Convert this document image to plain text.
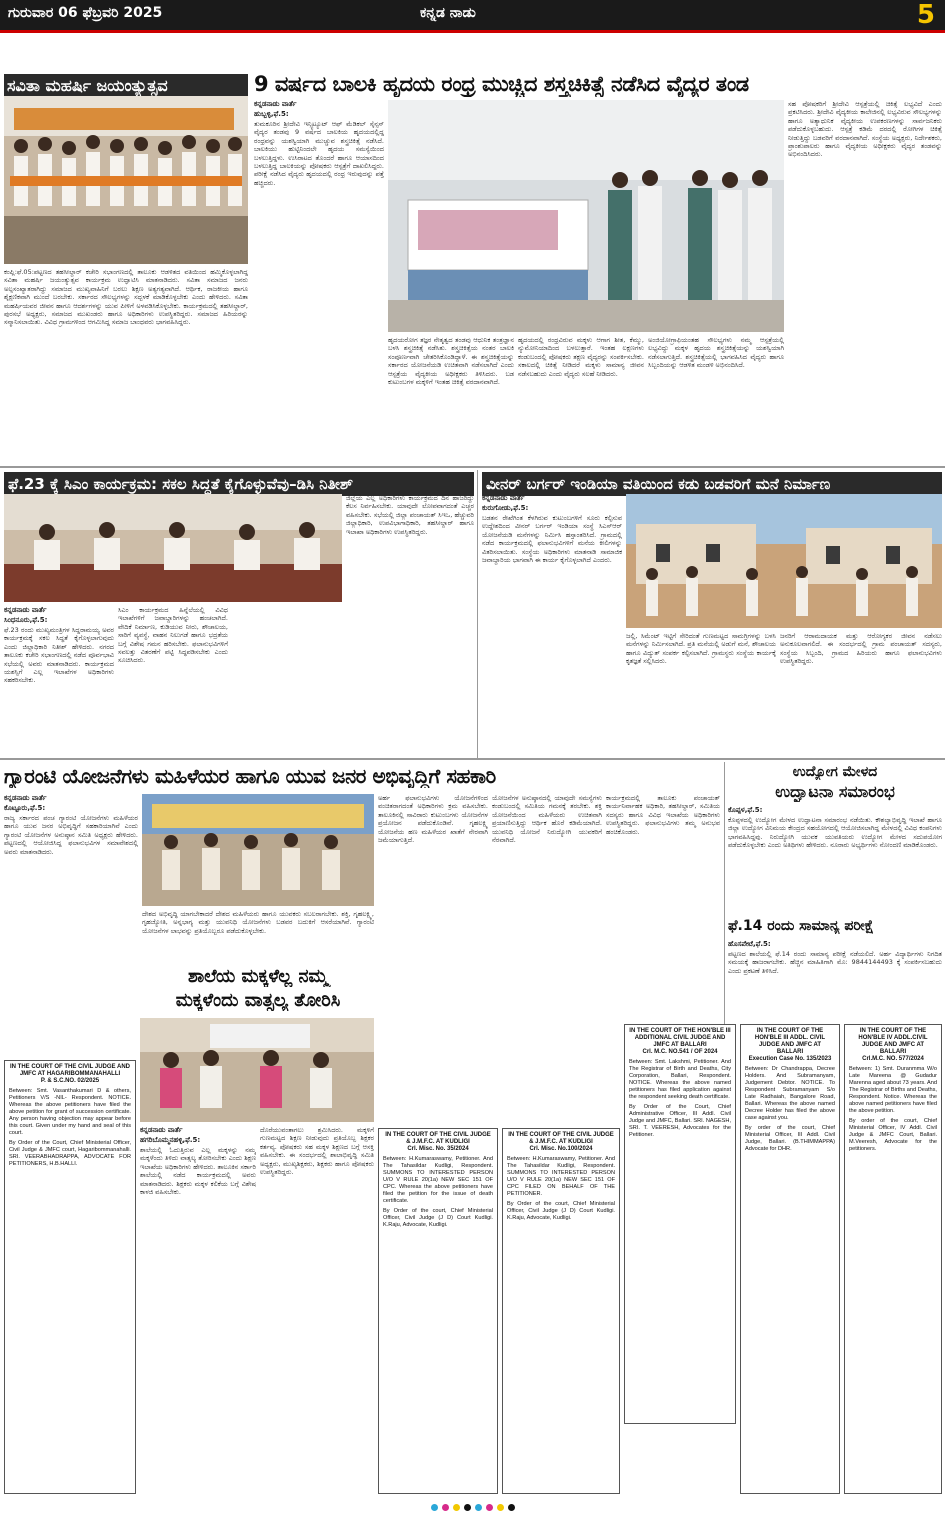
ಗುರುವಾರ 06 ಫೆಬ್ರವರಿ 2025	ಕನ್ನಡ ನಾಡು	5
ಸವಿತಾ ಮಹರ್ಷಿ ಜಯಂತ್ಯುತ್ಸವ
ಕಂಪ್ಲಿ:ಫೆ.05:ಪಟ್ಟಣದ ತಹಸೀಲ್ದಾರ್ ಕಚೇರಿ ಸಭಾಂಗಣದಲ್ಲಿ ತಾಲೂಕು ಆಡಳಿತದ ವತಿಯಿಂದ ಹಮ್ಮಿಕೊಳ್ಳಲಾಗಿದ್ದ ಸವಿತಾ ಮಹರ್ಷಿ ಜಯಂತ್ಯುತ್ಸವ ಕಾರ್ಯಕ್ರಮ ಉದ್ಘಾಟಿಸಿ ಮಾತನಾಡಿದರು. ಸವಿತಾ ಸಮಾಜದ ಜನರು ಅಲ್ಪಸಂಖ್ಯಾತರಾಗಿದ್ದು ಸಮಾಜದ ಮುಖ್ಯವಾಹಿನಿಗೆ ಬರಲು ಶಿಕ್ಷಣ ಅತ್ಯಗತ್ಯವಾಗಿದೆ. ಆರ್ಥಿಕ, ರಾಜಕೀಯ ಹಾಗೂ ಶೈಕ್ಷಣಿಕವಾಗಿ ಮುಂದೆ ಬರಬೇಕು. ಸರ್ಕಾರದ ಸೌಲಭ್ಯಗಳನ್ನು ಸದ್ಬಳಕೆ ಮಾಡಿಕೊಳ್ಳಬೇಕು ಎಂದು ಹೇಳಿದರು. ಸವಿತಾ ಮಹರ್ಷಿಯವರ ಜೀವನ ಹಾಗೂ ಆದರ್ಶಗಳನ್ನು ಯುವ ಪೀಳಿಗೆ ಅಳವಡಿಸಿಕೊಳ್ಳಬೇಕು. ಕಾರ್ಯಕ್ರಮದಲ್ಲಿ ತಹಸೀಲ್ದಾರ್, ಪುರಸಭೆ ಅಧ್ಯಕ್ಷರು, ಸಮಾಜದ ಮುಖಂಡರು ಹಾಗೂ ಅಧಿಕಾರಿಗಳು ಉಪಸ್ಥಿತರಿದ್ದರು. ಸಮಾಜದ ಹಿರಿಯರನ್ನು ಸನ್ಮಾನಿಸಲಾಯಿತು. ವಿವಿಧ ಗ್ರಾಮಗಳಿಂದ ಆಗಮಿಸಿದ್ದ ಸಮಾಜ ಬಾಂಧವರು ಭಾಗವಹಿಸಿದ್ದರು.
9 ವರ್ಷದ ಬಾಲಕಿ ಹೃದಯ ರಂಧ್ರ ಮುಚ್ಚಿದ ಶಸ್ತ್ರಚಿಕಿತ್ಸೆ ನಡೆಸಿದ ವೈದ್ಯರ ತಂಡ
ಕನ್ನಡನಾಡು ವಾರ್ತೆ
ಹುಬ್ಬಳ್ಳಿ,ಫೆ.5:
ತುಮಕೂರಿನ ಶ್ರೀದೇವಿ ಇನ್ಸ್ಟಿಟ್ಯೂಟ್ ಆಫ್ ಮೆಡಿಕಲ್ ಸೈನ್ಸಸ್ ವೈದ್ಯರ ತಂಡವು 9 ವರ್ಷದ ಬಾಲಕಿಯ ಹೃದಯದಲ್ಲಿದ್ದ ರಂಧ್ರವನ್ನು ಯಶಸ್ವಿಯಾಗಿ ಮುಚ್ಚುವ ಶಸ್ತ್ರಚಿಕಿತ್ಸೆ ನಡೆಸಿದೆ. ಬಾಲಕಿಯು ಹುಟ್ಟಿನಿಂದಲೇ ಹೃದಯ ಸಮಸ್ಯೆಯಿಂದ ಬಳಲುತ್ತಿದ್ದಳು. ಉಸಿರಾಟದ ತೊಂದರೆ ಹಾಗೂ ಆಯಾಸದಿಂದ ಬಳಲುತ್ತಿದ್ದ ಬಾಲಕಿಯನ್ನು ಪೋಷಕರು ಆಸ್ಪತ್ರೆಗೆ ದಾಖಲಿಸಿದ್ದರು. ಪರೀಕ್ಷೆ ನಡೆಸಿದ ವೈದ್ಯರು ಹೃದಯದಲ್ಲಿ ರಂಧ್ರ ಇರುವುದನ್ನು ಪತ್ತೆ ಹಚ್ಚಿದರು.
ಹೃದಯರೋಗ ತಜ್ಞರ ನೇತೃತ್ವದ ತಂಡವು ಆಧುನಿಕ ತಂತ್ರಜ್ಞಾನ ಬಳಸಿ ಶಸ್ತ್ರಚಿಕಿತ್ಸೆ ನಡೆಸಿತು. ಶಸ್ತ್ರಚಿಕಿತ್ಸೆಯ ನಂತರ ಬಾಲಕಿ ಸಂಪೂರ್ಣವಾಗಿ ಚೇತರಿಸಿಕೊಂಡಿದ್ದಾಳೆ. ಈ ಶಸ್ತ್ರಚಿಕಿತ್ಸೆಯನ್ನು ಸರ್ಕಾರದ ಯೋಜನೆಯಡಿ ಉಚಿತವಾಗಿ ನಡೆಸಲಾಗಿದೆ ಎಂದು ಆಸ್ಪತ್ರೆಯ ವೈದ್ಯಕೀಯ ಅಧೀಕ್ಷಕರು ತಿಳಿಸಿದರು. ಬಡ ಕುಟುಂಬಗಳ ಮಕ್ಕಳಿಗೆ ಇಂತಹ ಚಿಕಿತ್ಸೆ ವರದಾನವಾಗಿದೆ.
ಹೃದಯದಲ್ಲಿ ರಂಧ್ರವಿರುವ ಮಕ್ಕಳು ಆಗಾಗ ಶೀತ, ಕೆಮ್ಮು, ನ್ಯುಮೋನಿಯಾದಿಂದ ಬಳಲುತ್ತಾರೆ. ಇಂತಹ ಲಕ್ಷಣಗಳು ಕಂಡುಬಂದಲ್ಲಿ ಪೋಷಕರು ತಕ್ಷಣ ವೈದ್ಯರನ್ನು ಸಂಪರ್ಕಿಸಬೇಕು. ಸಕಾಲದಲ್ಲಿ ಚಿಕಿತ್ಸೆ ನೀಡಿದರೆ ಮಕ್ಕಳು ಸಾಮಾನ್ಯ ಜೀವನ ನಡೆಸಬಹುದು ಎಂದು ವೈದ್ಯರು ಸಲಹೆ ನೀಡಿದರು.
ಅಂಜಿಯೋಗ್ರಾಫಿಯಂತಹ ಸೌಲಭ್ಯಗಳು ನಮ್ಮ ಆಸ್ಪತ್ರೆಯಲ್ಲಿ ಲಭ್ಯವಿದ್ದು ಮಕ್ಕಳ ಹೃದಯ ಶಸ್ತ್ರಚಿಕಿತ್ಸೆಯನ್ನು ಯಶಸ್ವಿಯಾಗಿ ನಡೆಸಲಾಗುತ್ತಿದೆ. ಶಸ್ತ್ರಚಿಕಿತ್ಸೆಯಲ್ಲಿ ಭಾಗವಹಿಸಿದ ವೈದ್ಯರು ಹಾಗೂ ಸಿಬ್ಬಂದಿಯನ್ನು ಆಡಳಿತ ಮಂಡಳಿ ಅಭಿನಂದಿಸಿದೆ.
ಸಹ ಪೋಷಕರಿಗೆ ಶ್ರೀದೇವಿ ಆಸ್ಪತ್ರೆಯಲ್ಲಿ ಚಿಕಿತ್ಸೆ ಲಭ್ಯವಿದೆ ಎಂದು ಪ್ರಕಟಿಸಿದರು. ಶ್ರೀದೇವಿ ವೈದ್ಯಕೀಯ ಕಾಲೇಜಿನಲ್ಲಿ ಲಭ್ಯವಿರುವ ಸೌಲಭ್ಯಗಳನ್ನು ಹಾಗೂ ಅತ್ಯಾಧುನಿಕ ವೈದ್ಯಕೀಯ ಉಪಕರಣಗಳನ್ನು ಸಾರ್ವಜನಿಕರು ಪಡೆದುಕೊಳ್ಳಬಹುದು. ಆಸ್ಪತ್ರೆ ಕಡಿಮೆ ದರದಲ್ಲಿ ರೋಗಿಗಳ ಚಿಕಿತ್ಸೆ ನೀಡುತ್ತಿದ್ದು ಬಡವರಿಗೆ ವರದಾನವಾಗಿದೆ. ಸಂಸ್ಥೆಯ ಅಧ್ಯಕ್ಷರು, ನಿರ್ದೇಶಕರು, ಪ್ರಾಂಶುಪಾಲರು ಹಾಗೂ ವೈದ್ಯಕೀಯ ಅಧೀಕ್ಷಕರು ವೈದ್ಯರ ತಂಡವನ್ನು ಅಭಿನಂದಿಸಿದರು.
ಫೆ.23 ಕ್ಕೆ ಸಿಎಂ ಕಾರ್ಯಕ್ರಮ: ಸಕಲ ಸಿದ್ದತೆ ಕೈಗೊಳ್ಳುವೆವು–ಡಿಸಿ ನಿತೀಶ್
ಕನ್ನಡನಾಡು ವಾರ್ತೆ
ಸಿಂಧನೂರು,ಫೆ.5:
ಫೆ.23 ರಂದು ಮುಖ್ಯಮಂತ್ರಿಗಳ ಸಿದ್ದರಾಮಯ್ಯ ಅವರ ಕಾರ್ಯಕ್ರಮಕ್ಕೆ ಸಕಲ ಸಿದ್ಧತೆ ಕೈಗೊಳ್ಳಲಾಗುವುದು ಎಂದು ಜಿಲ್ಲಾಧಿಕಾರಿ ನಿತೀಶ್ ಹೇಳಿದರು. ನಗರದ ತಾಲೂಕು ಕಚೇರಿ ಸಭಾಂಗಣದಲ್ಲಿ ನಡೆದ ಪೂರ್ವಭಾವಿ ಸಭೆಯಲ್ಲಿ ಅವರು ಮಾತನಾಡಿದರು. ಕಾರ್ಯಕ್ರಮದ ಯಶಸ್ಸಿಗೆ ಎಲ್ಲ ಇಲಾಖೆಗಳ ಅಧಿಕಾರಿಗಳು ಸಹಕರಿಸಬೇಕು.
ಸಿಎಂ ಕಾರ್ಯಕ್ರಮದ ಹಿನ್ನೆಲೆಯಲ್ಲಿ ವಿವಿಧ ಇಲಾಖೆಗಳಿಗೆ ಜವಾಬ್ದಾರಿಗಳನ್ನು ಹಂಚಲಾಗಿದೆ. ವೇದಿಕೆ ನಿರ್ಮಾಣ, ಕುಡಿಯುವ ನೀರು, ಶೌಚಾಲಯ, ಸಾರಿಗೆ ವ್ಯವಸ್ಥೆ, ವಾಹನ ನಿಲುಗಡೆ ಹಾಗೂ ಭದ್ರತೆಯ ಬಗ್ಗೆ ವಿಶೇಷ ಗಮನ ಹರಿಸಬೇಕು. ಫಲಾನುಭವಿಗಳಿಗೆ ಸವಲತ್ತು ವಿತರಣೆಗೆ ಪಟ್ಟಿ ಸಿದ್ಧಪಡಿಸಬೇಕು ಎಂದು ಸೂಚಿಸಿದರು.
ಜಿಲ್ಲೆಯ ಎಲ್ಲ ಅಧಿಕಾರಿಗಳು ಕಾರ್ಯಕ್ರಮದ ದಿನ ಹಾಜರಿದ್ದು ಕೆಲಸ ನಿರ್ವಹಿಸಬೇಕು. ಯಾವುದೇ ಲೋಪವಾಗದಂತೆ ಎಚ್ಚರ ವಹಿಸಬೇಕು. ಸಭೆಯಲ್ಲಿ ಜಿಲ್ಲಾ ಪಂಚಾಯತ್ ಸಿಇಒ, ಹೆಚ್ಚುವರಿ ಜಿಲ್ಲಾಧಿಕಾರಿ, ಉಪವಿಭಾಗಾಧಿಕಾರಿ, ತಹಸೀಲ್ದಾರ್ ಹಾಗೂ ಇಲಾಖಾ ಅಧಿಕಾರಿಗಳು ಉಪಸ್ಥಿತರಿದ್ದರು.
ವೀನರ್ ಬರ್ಗರ್ ಇಂಡಿಯಾ ವತಿಯಿಂದ ಕಡು ಬಡವರಿಗೆ ಮನೆ ನಿರ್ಮಾಣ
ಕನ್ನಡನಾಡು ವಾರ್ತೆ
ಕುರುಗೋಡು,ಫೆ.5:
ಬಡತನ ರೇಖೆಗಿಂತ ಕೆಳಗಿರುವ ಕುಟುಂಬಗಳಿಗೆ ಸೂರು ಕಲ್ಪಿಸುವ ಉದ್ದೇಶದಿಂದ ವೀನರ್ ಬರ್ಗರ್ ಇಂಡಿಯಾ ಸಂಸ್ಥೆ ಸಿಎಸ್ಆರ್ ಯೋಜನೆಯಡಿ ಮನೆಗಳನ್ನು ನಿರ್ಮಿಸಿ ಹಸ್ತಾಂತರಿಸಿದೆ. ಗ್ರಾಮದಲ್ಲಿ ನಡೆದ ಕಾರ್ಯಕ್ರಮದಲ್ಲಿ ಫಲಾನುಭವಿಗಳಿಗೆ ಮನೆಯ ಕೀಲಿಗಳನ್ನು ವಿತರಿಸಲಾಯಿತು. ಸಂಸ್ಥೆಯ ಅಧಿಕಾರಿಗಳು ಮಾತನಾಡಿ ಸಾಮಾಜಿಕ ಜವಾಬ್ದಾರಿಯ ಭಾಗವಾಗಿ ಈ ಕಾರ್ಯ ಕೈಗೊಳ್ಳಲಾಗಿದೆ ಎಂದರು.
ಜಲ್ಲಿ, ಸಿಮೆಂಟ್ ಇಟ್ಟಿಗೆ ಸೇರಿದಂತೆ ಗುಣಮಟ್ಟದ ಸಾಮಗ್ರಿಗಳನ್ನು ಬಳಸಿ ಮನೆಗಳನ್ನು ನಿರ್ಮಿಸಲಾಗಿದೆ. ಪ್ರತಿ ಮನೆಯಲ್ಲಿ ಅಡುಗೆ ಮನೆ, ಶೌಚಾಲಯ ಹಾಗೂ ವಿದ್ಯುತ್ ಸಂಪರ್ಕ ಕಲ್ಪಿಸಲಾಗಿದೆ. ಗ್ರಾಮಸ್ಥರು ಸಂಸ್ಥೆಯ ಕಾರ್ಯಕ್ಕೆ ಕೃತಜ್ಞತೆ ಸಲ್ಲಿಸಿದರು.
ಜನರಿಗೆ ಆರಾಮದಾಯಕ ಮತ್ತು ಆರೋಗ್ಯಕರ ಜೀವನ ನಡೆಸಲು ಅನುಕೂಲವಾಗಲಿದೆ. ಈ ಸಂದರ್ಭದಲ್ಲಿ ಗ್ರಾಮ ಪಂಚಾಯತ್ ಸದಸ್ಯರು, ಸಂಸ್ಥೆಯ ಸಿಬ್ಬಂದಿ, ಗ್ರಾಮದ ಹಿರಿಯರು ಹಾಗೂ ಫಲಾನುಭವಿಗಳು ಉಪಸ್ಥಿತರಿದ್ದರು.
ಗ್ಯಾರಂಟಿ ಯೋಜನೆಗಳು ಮಹಿಳೆಯರ ಹಾಗೂ ಯುವ ಜನರ ಅಭಿವೃದ್ಧಿಗೆ ಸಹಕಾರಿ
ಕನ್ನಡನಾಡು ವಾರ್ತೆ
ಕೊಟ್ಟೂರು,ಫೆ.5:
ರಾಜ್ಯ ಸರ್ಕಾರದ ಪಂಚ ಗ್ಯಾರಂಟಿ ಯೋಜನೆಗಳು ಮಹಿಳೆಯರ ಹಾಗೂ ಯುವ ಜನರ ಅಭಿವೃದ್ಧಿಗೆ ಸಹಕಾರಿಯಾಗಿವೆ ಎಂದು ಗ್ಯಾರಂಟಿ ಯೋಜನೆಗಳ ಅನುಷ್ಠಾನ ಸಮಿತಿ ಅಧ್ಯಕ್ಷರು ಹೇಳಿದರು. ಪಟ್ಟಣದಲ್ಲಿ ಆಯೋಜಿಸಿದ್ದ ಫಲಾನುಭವಿಗಳ ಸಮಾವೇಶದಲ್ಲಿ ಅವರು ಮಾತನಾಡಿದರು.
ದೇಶದ ಅಭಿವೃದ್ಧಿ ಯಾಗಬೇಕಾದರೆ ದೇಶದ ಮಹಿಳೆಯರು ಹಾಗೂ ಯುವಕರು ಸಬಲರಾಗಬೇಕು. ಶಕ್ತಿ, ಗೃಹಲಕ್ಷ್ಮಿ, ಗೃಹಜ್ಯೋತಿ, ಅನ್ನಭಾಗ್ಯ ಮತ್ತು ಯುವನಿಧಿ ಯೋಜನೆಗಳು ಬಡವರ ಬದುಕಿಗೆ ಆಸರೆಯಾಗಿವೆ. ಗ್ಯಾರಂಟಿ ಯೋಜನೆಗಳ ಲಾಭವನ್ನು ಪ್ರತಿಯೊಬ್ಬರೂ ಪಡೆದುಕೊಳ್ಳಬೇಕು.
ಅರ್ಹ ಫಲಾನುಭವಿಗಳು ಯೋಜನೆಗಳಿಂದ ವಂಚಿತರಾಗದಂತೆ ಅಧಿಕಾರಿಗಳು ಕ್ರಮ ವಹಿಸಬೇಕು. ತಾಲೂಕಿನಲ್ಲಿ ಸಾವಿರಾರು ಕುಟುಂಬಗಳು ಯೋಜನೆಗಳ ಪ್ರಯೋಜನ ಪಡೆದುಕೊಂಡಿವೆ. ಗೃಹಲಕ್ಷ್ಮಿ ಯೋಜನೆಯ ಹಣ ಮಹಿಳೆಯರ ಖಾತೆಗೆ ನೇರವಾಗಿ ಜಮೆಯಾಗುತ್ತಿದೆ.
ಯೋಜನೆಗಳ ಅನುಷ್ಠಾನದಲ್ಲಿ ಯಾವುದೇ ಸಮಸ್ಯೆಗಳು ಕಂಡುಬಂದಲ್ಲಿ ಸಮಿತಿಯ ಗಮನಕ್ಕೆ ತರಬೇಕು. ಶಕ್ತಿ ಯೋಜನೆಯಿಂದ ಮಹಿಳೆಯರು ಉಚಿತವಾಗಿ ಪ್ರಯಾಣಿಸುತ್ತಿದ್ದು ಆರ್ಥಿಕ ಹೊರೆ ಕಡಿಮೆಯಾಗಿದೆ. ಯುವನಿಧಿ ಯೋಜನೆ ನಿರುದ್ಯೋಗಿ ಯುವಕರಿಗೆ ನೆರವಾಗಿದೆ.
ಕಾರ್ಯಕ್ರಮದಲ್ಲಿ ತಾಲೂಕು ಪಂಚಾಯತ್ ಕಾರ್ಯನಿರ್ವಾಹಕ ಅಧಿಕಾರಿ, ತಹಸೀಲ್ದಾರ್, ಸಮಿತಿಯ ಸದಸ್ಯರು ಹಾಗೂ ವಿವಿಧ ಇಲಾಖೆಯ ಅಧಿಕಾರಿಗಳು ಉಪಸ್ಥಿತರಿದ್ದರು. ಫಲಾನುಭವಿಗಳು ತಮ್ಮ ಅನುಭವ ಹಂಚಿಕೊಂಡರು.
ಉದ್ಯೋಗ ಮೇಳದ
ಉದ್ಘಾಟನಾ ಸಮಾರಂಭ
ಕೊಪ್ಪಳ,ಫೆ.5:
ಕೊಪ್ಪಳದಲ್ಲಿ ಉದ್ಯೋಗ ಮೇಳದ ಉದ್ಘಾಟನಾ ಸಮಾರಂಭ ನಡೆಯಿತು. ಕೌಶಲ್ಯಾಭಿವೃದ್ಧಿ ಇಲಾಖೆ ಹಾಗೂ ಜಿಲ್ಲಾ ಉದ್ಯೋಗ ವಿನಿಮಯ ಕೇಂದ್ರದ ಸಹಯೋಗದಲ್ಲಿ ಆಯೋಜಿಸಲಾಗಿದ್ದ ಮೇಳದಲ್ಲಿ ವಿವಿಧ ಕಂಪನಿಗಳು ಭಾಗವಹಿಸಿದ್ದವು. ನಿರುದ್ಯೋಗಿ ಯುವಕ ಯುವತಿಯರು ಉದ್ಯೋಗ ಮೇಳದ ಸದುಪಯೋಗ ಪಡೆದುಕೊಳ್ಳಬೇಕು ಎಂದು ಅತಿಥಿಗಳು ಹೇಳಿದರು. ನೂರಾರು ಅಭ್ಯರ್ಥಿಗಳು ನೋಂದಣಿ ಮಾಡಿಕೊಂಡರು.
ಫೆ.14 ರಂದು ಸಾಮಾನ್ಯ ಪರೀಕ್ಷೆ
ಹೊಸಪೇಟೆ,ಫೆ.5:
ಪಟ್ಟಣದ ಶಾಲೆಯಲ್ಲಿ ಫೆ.14 ರಂದು ಸಾಮಾನ್ಯ ಪರೀಕ್ಷೆ ನಡೆಯಲಿದೆ. ಅರ್ಹ ವಿದ್ಯಾರ್ಥಿಗಳು ನಿಗದಿತ ಸಮಯಕ್ಕೆ ಹಾಜರಾಗಬೇಕು. ಹೆಚ್ಚಿನ ಮಾಹಿತಿಗಾಗಿ ಮೊ: 9844144493 ಕ್ಕೆ ಸಂಪರ್ಕಿಸಬಹುದು ಎಂದು ಪ್ರಕಟಣೆ ತಿಳಿಸಿದೆ.
ಶಾಲೆಯ ಮಕ್ಕಳೆಲ್ಲ ನಮ್ಮ
ಮಕ್ಕಳೆಂದು ವಾತ್ಸಲ್ಯ ತೋರಿಸಿ
ಕನ್ನಡನಾಡು ವಾರ್ತೆ
ಹಗರಿಬೊಮ್ಮನಹಳ್ಳಿ,ಫೆ.5:
ಶಾಲೆಯಲ್ಲಿ ಓದುತ್ತಿರುವ ಎಲ್ಲ ಮಕ್ಕಳನ್ನು ನಮ್ಮ ಮಕ್ಕಳೆಂದು ತಿಳಿದು ವಾತ್ಸಲ್ಯ ತೋರಿಸಬೇಕು ಎಂದು ಶಿಕ್ಷಣ ಇಲಾಖೆಯ ಅಧಿಕಾರಿಗಳು ಹೇಳಿದರು. ತಾಲೂಕಿನ ಸರ್ಕಾರಿ ಶಾಲೆಯಲ್ಲಿ ನಡೆದ ಕಾರ್ಯಕ್ರಮದಲ್ಲಿ ಅವರು ಮಾತನಾಡಿದರು. ಶಿಕ್ಷಕರು ಮಕ್ಕಳ ಕಲಿಕೆಯ ಬಗ್ಗೆ ವಿಶೇಷ ಕಾಳಜಿ ವಹಿಸಬೇಕು.
ದೊರೆಯುವಂತಾಗಲು ಶ್ರಮಿಸಿದರು. ಮಕ್ಕಳಿಗೆ ಗುಣಮಟ್ಟದ ಶಿಕ್ಷಣ ನೀಡುವುದು ಪ್ರತಿಯೊಬ್ಬ ಶಿಕ್ಷಕರ ಕರ್ತವ್ಯ. ಪೋಷಕರು ಸಹ ಮಕ್ಕಳ ಶಿಕ್ಷಣದ ಬಗ್ಗೆ ಆಸಕ್ತಿ ವಹಿಸಬೇಕು. ಈ ಸಂದರ್ಭದಲ್ಲಿ ಶಾಲಾಭಿವೃದ್ಧಿ ಸಮಿತಿ ಅಧ್ಯಕ್ಷರು, ಮುಖ್ಯಶಿಕ್ಷಕರು, ಶಿಕ್ಷಕರು ಹಾಗೂ ಪೋಷಕರು ಉಪಸ್ಥಿತರಿದ್ದರು.
IN THE COURT OF THE CIVIL JUDGE AND JMFC AT HAGARIBOMMANAHALLI
P. & S.C.NO. 02/2025
Between: Smt. Vasanthakumari D & others, Petitioners V/S -NIL- Respondent. NOTICE. Whereas the above petitioners have filed the above petition for grant of succession certificate. Any person having objection may appear before this court. Given under my hand and seal of this court.
By Order of the Court, Chief Ministerial Officer, Civil Judge & JMFC court, Hagaribommanahalli. SRI. VEERABHADRAPPA, ADVOCATE FOR PETITIONERS, H.B.HALLI.
IN THE COURT OF THE CIVIL JUDGE & J.M.F.C. AT KUDLIGI
Crl. Misc. No. 35/2024
Between: H.Kumaraswamy, Petitioner. And The Tahasildar Kudligi, Respondent. SUMMONS TO INTERESTED PERSON U/O V RULE 20(1a) NEW SEC 151 OF CPC. Whereas the above petitioners have filed the petition for the issue of death certificate.
By Order of the court, Chief Ministerial Officer, Civil Judge (J D) Court Kudligi. K.Raju, Advocate, Kudligi.
IN THE COURT OF THE CIVIL JUDGE & J.M.F.C. AT KUDLIGI
Crl. Misc. No.100/2024
Between: H.Kumaraswamy, Petitioner. And The Tahasildar Kudligi, Respondent. SUMMONS TO INTERESTED PERSON U/O V RULE 20(1a) NEW SEC 151 OF CPC FILED ON BEHALF OF THE PETITIONER.
By Order of the court, Chief Ministerial Officer, Civil Judge (J D) Court Kudligi. K.Raju, Advocate, Kudligi.
IN THE COURT OF THE HON'BLE III ADDITIONAL CIVIL JUDGE AND JMFC AT BALLARI
Crl. M.C. NO.541 / OF 2024
Between: Smt. Lakshmi, Petitioner. And The Registrar of Birth and Deaths, City Corporation, Ballari, Respondent. NOTICE. Whereas the above named petitioners has filed application against the respondent seeking death certificate.
By Order of the Court, Chief Administrative Officer, III Addl. Civil Judge and JMFC, Ballari. SRI. NAGESH, SRI. T. VEERESH, Advocates for the Petitioner.
IN THE COURT OF THE HON'BLE III ADDL. CIVIL JUDGE AND JMFC AT BALLARI
Execution Case No. 135/2023
Between: Dr Chandrappa, Decree Holders. And Subramanyam, Judgement Debtor. NOTICE. To Respondent Subramanyam S/o Late Radhaiah, Bangalore Road, Ballari. Whereas the above named Decree Holder has filed the above case against you.
By order of the court, Chief Ministerial Officer, III Addl. Civil Judge, Ballari. (B.THIMMAPPA) Advocate for DHR.
IN THE COURT OF THE HON'BLE IV ADDL.CIVIL JUDGE AND JMFC AT BALLARI
Crl.M.C. NO. 577/2024
Between: 1) Smt. Duranmma W/o Late Mareena @ Gudadur Marenna aged about 73 years. And The Registrar of Births and Deaths, Respondent. Notice. Whereas the above named petitioners have filed the above petition.
By order of the court, Chief Ministerial Officer, IV Addl. Civil Judge & JMFC Court, Ballari. M.Veeresh, Advocate for the petitioners.
